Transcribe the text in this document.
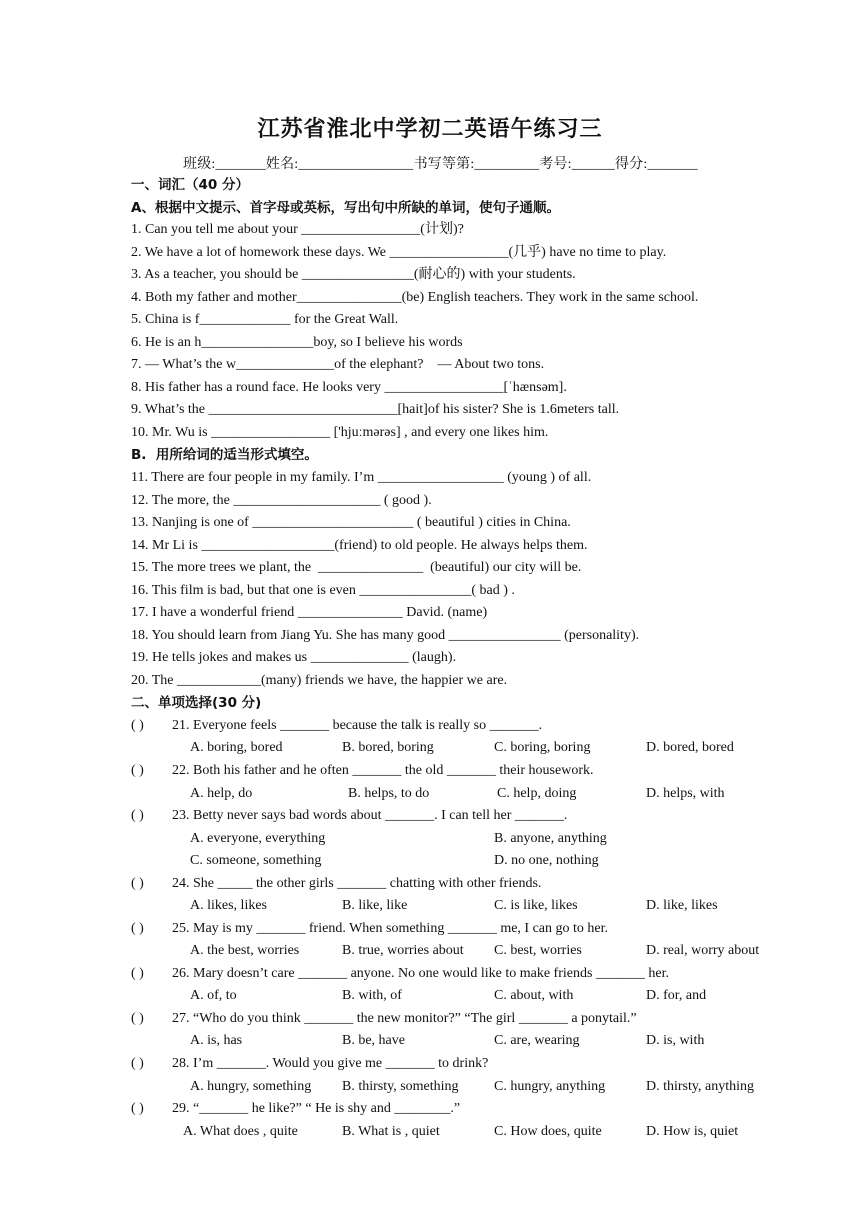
江苏省淮北中学初二英语午练习三
班级:_______姓名:________________书写等第:_________考号:______得分:_______
一、词汇（40 分）
A、根据中文提示、首字母或英标，写出句中所缺的单词，使句子通顺。
1. Can you tell me about your _________________(计划)?
2. We have a lot of homework these days. We _________________(几乎) have no time to play.
3. As a teacher, you should be ________________(耐心的) with your students.
4. Both my father and mother_______________(be) English teachers. They work in the same school.
5. China is f_____________ for the Great Wall.
6. He is an h________________boy, so I believe his words
7. — What’s the w______________of the elephant?    — About two tons.
8. His father has a round face. He looks very _________________[ˈhænsəm].
9. What’s the ___________________________[hait]of his sister? She is 1.6meters tall.
10. Mr. Wu is _________________ ['hjuːmərəs] , and every one likes him.
B.  用所给词的适当形式填空。
11. There are four people in my family. I’m __________________ (young ) of all.
12. The more, the _____________________ ( good ).
13. Nanjing is one of _______________________ ( beautiful ) cities in China.
14. Mr Li is ___________________(friend) to old people. He always helps them.
15. The more trees we plant, the  _______________  (beautiful) our city will be.
16. This film is bad, but that one is even ________________( bad ) .
17. I have a wonderful friend _______________ David. (name)
18. You should learn from Jiang Yu. She has many good ________________ (personality).
19. He tells jokes and makes us ______________ (laugh).
20. The ____________(many) friends we have, the happier we are.
二、单项选择(30 分)
( ) 21. Everyone feels _______ because the talk is really so _______.
A. boring, bored	B. bored, boring	C. boring, boring	D. bored, bored
( ) 22. Both his father and he often _______ the old _______ their housework.
A. help, do	B. helps, to do	C. help, doing	D. helps, with
( ) 23. Betty never says bad words about _______. I can tell her _______.
A. everyone, everything	B. anyone, anything
C. someone, something	D. no one, nothing
( ) 24. She _____ the other girls _______ chatting with other friends.
A. likes, likes	B. like, like	C. is like, likes	D. like, likes
( ) 25. May is my _______ friend. When something _______ me, I can go to her.
A. the best, worries	B. true, worries about C. best, worries	D. real, worry about
( ) 26. Mary doesn’t care _______ anyone. No one would like to make friends _______ her.
A. of, to	B. with, of	C. about, with	D. for, and
( ) 27. “Who do you think _______ the new monitor?” “The girl _______ a ponytail.”
A. is, has	B. be, have	C. are, wearing	D. is, with
( ) 28. I’m _______. Would you give me _______ to drink?
A. hungry, something B. thirsty, something	C. hungry, anything	D. thirsty, anything
( ) 29. “_______ he like?” “ He is shy and ________.”
A. What does , quite	B. What is , quiet	C. How does, quite	D. How is, quiet
